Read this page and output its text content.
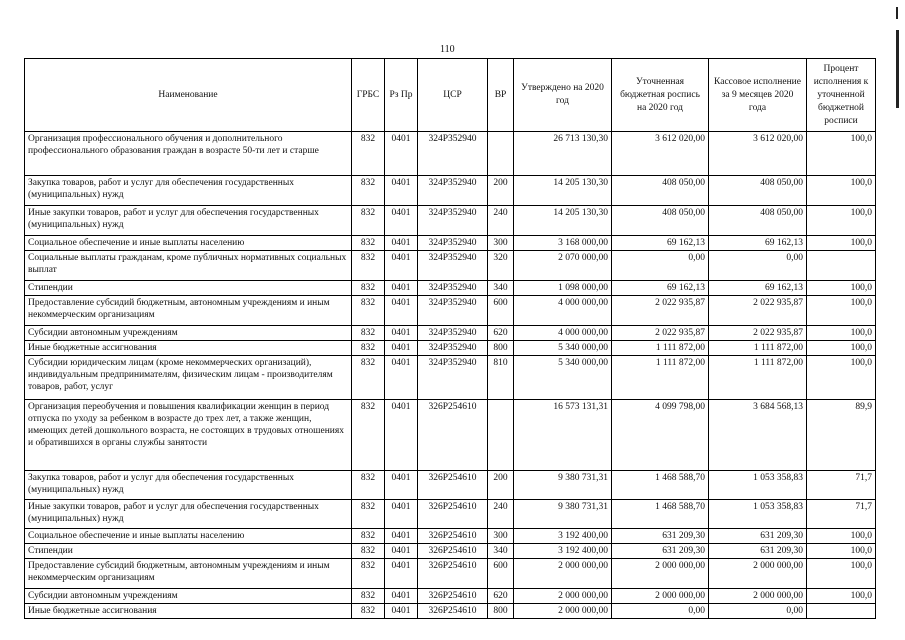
110
Наименование	ГРБС	Рз Пр	ЦСР	ВР	Утверждено на 2020 год	Уточненная бюджетная роспись на 2020 год	Кассовое исполнение за 9 месяцев 2020 года	Процент исполнения к уточненной бюджетной росписи
Организация профессионального обучения и дополнительного профессионального образования граждан в возрасте 50-ти лет и старше	832	0401	324P352940		26 713 130,30	3 612 020,00	3 612 020,00	100,0
Закупка товаров, работ и услуг для обеспечения государственных (муниципальных) нужд	832	0401	324P352940	200	14 205 130,30	408 050,00	408 050,00	100,0
Иные закупки товаров, работ и услуг для обеспечения государственных (муниципальных) нужд	832	0401	324P352940	240	14 205 130,30	408 050,00	408 050,00	100,0
Социальное обеспечение и иные выплаты населению	832	0401	324P352940	300	3 168 000,00	69 162,13	69 162,13	100,0
Социальные выплаты гражданам, кроме публичных нормативных социальных выплат	832	0401	324P352940	320	2 070 000,00	0,00	0,00	
Стипендии	832	0401	324P352940	340	1 098 000,00	69 162,13	69 162,13	100,0
Предоставление субсидий бюджетным, автономным учреждениям и иным некоммерческим организациям	832	0401	324P352940	600	4 000 000,00	2 022 935,87	2 022 935,87	100,0
Субсидии автономным учреждениям	832	0401	324P352940	620	4 000 000,00	2 022 935,87	2 022 935,87	100,0
Иные бюджетные ассигнования	832	0401	324P352940	800	5 340 000,00	1 111 872,00	1 111 872,00	100,0
Субсидии юридическим лицам (кроме некоммерческих организаций), индивидуальным предпринимателям, физическим лицам - производителям товаров, работ, услуг	832	0401	324P352940	810	5 340 000,00	1 111 872,00	1 111 872,00	100,0
Организация переобучения и повышения квалификации женщин в период отпуска по уходу за ребенком в возрасте до трех лет, а также женщин, имеющих детей дошкольного возраста, не состоящих в трудовых отношениях и обратившихся в органы службы занятости	832	0401	326P254610		16 573 131,31	4 099 798,00	3 684 568,13	89,9
Закупка товаров, работ и услуг для обеспечения государственных (муниципальных) нужд	832	0401	326P254610	200	9 380 731,31	1 468 588,70	1 053 358,83	71,7
Иные закупки товаров, работ и услуг для обеспечения государственных (муниципальных) нужд	832	0401	326P254610	240	9 380 731,31	1 468 588,70	1 053 358,83	71,7
Социальное обеспечение и иные выплаты населению	832	0401	326P254610	300	3 192 400,00	631 209,30	631 209,30	100,0
Стипендии	832	0401	326P254610	340	3 192 400,00	631 209,30	631 209,30	100,0
Предоставление субсидий бюджетным, автономным учреждениям и иным некоммерческим организациям	832	0401	326P254610	600	2 000 000,00	2 000 000,00	2 000 000,00	100,0
Субсидии автономным учреждениям	832	0401	326P254610	620	2 000 000,00	2 000 000,00	2 000 000,00	100,0
Иные бюджетные ассигнования	832	0401	326P254610	800	2 000 000,00	0,00	0,00	
